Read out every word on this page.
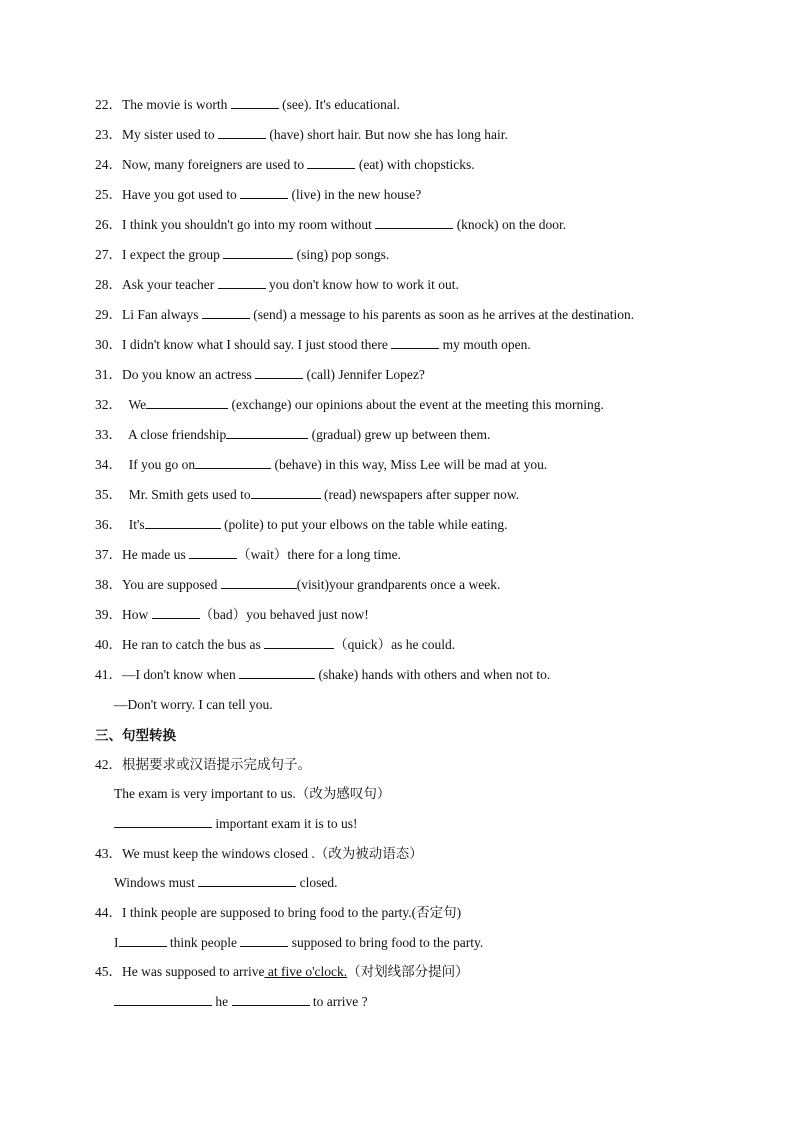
22．The movie is worth	(see). It's educational.
23．My sister used to	(have) short hair. But now she has long hair.
24．Now, many foreigners are used to	(eat) with chopsticks.
25．Have you got used to	(live) in the new house?
26．I think you shouldn't go into my room without	(knock) on the door.
27．I expect the group	(sing) pop songs.
28．Ask your teacher	you don't know how to work it out.
29．Li Fan always	(send) a message to his parents as soon as he arrives at the destination.
30．I didn't know what I should say. I just stood there	my mouth open.
31．Do you know an actress	(call) Jennifer Lopez?
32．  We	(exchange) our opinions about the event at the meeting this morning.
33．  A close friendship	(gradual) grew up between them.
34．  If you go on	(behave) in this way, Miss Lee will be mad at you.
35．  Mr. Smith gets used to	(read) newspapers after supper now.
36．  It's	(polite) to put your elbows on the table while eating.
37．He made us	（wait）there for a long time.
38．You are supposed	(visit)your grandparents once a week.
39．How	（bad）you behaved just now!
40．He ran to catch the bus as	（quick）as he could.
41．—I don't know when	(shake) hands with others and when not to.
—Don't worry. I can tell you.
三、句型转换
42．根据要求或汉语提示完成句子。
The exam is very important to us.（改为感叹句）
important exam it is to us!
43．We must keep the windows closed .（改为被动语态）
Windows must	closed.
44．I think people are supposed to bring food to the party.(否定句)
I	think people	supposed to bring food to the party.
45．He was supposed to arrive at five o'clock.（对划线部分提问）
he	to arrive ?
